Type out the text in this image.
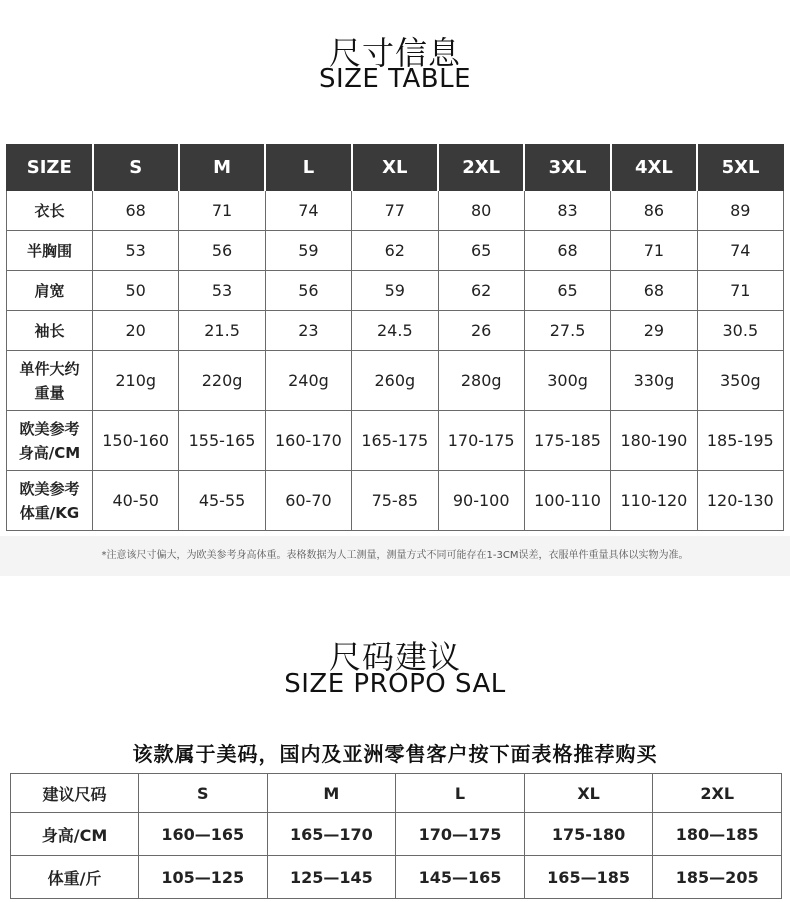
尺寸信息
SIZE TABLE
SIZE	S	M	L	XL	2XL	3XL	4XL	5XL
衣长	68	71	74	77	80	83	86	89
半胸围	53	56	59	62	65	68	71	74
肩宽	50	53	56	59	62	65	68	71
袖长	20	21.5	23	24.5	26	27.5	29	30.5
单件大约
重量	210g	220g	240g	260g	280g	300g	330g	350g
欧美参考
身高/CM	150-160	155-165	160-170	165-175	170-175	175-185	180-190	185-195
欧美参考
体重/KG	40-50	45-55	60-70	75-85	90-100	100-110	110-120	120-130
*注意该尺寸偏大，为欧美参考身高体重。表格数据为人工测量，测量方式不同可能存在1-3CM误差，衣服单件重量具体以实物为准。
尺码建议
SIZE PROPO SAL
该款属于美码，国内及亚洲零售客户按下面表格推荐购买
建议尺码	S	M	L	XL	2XL
身高/CM	160—165	165—170	170—175	175-180	180—185
体重/斤	105—125	125—145	145—165	165—185	185—205
